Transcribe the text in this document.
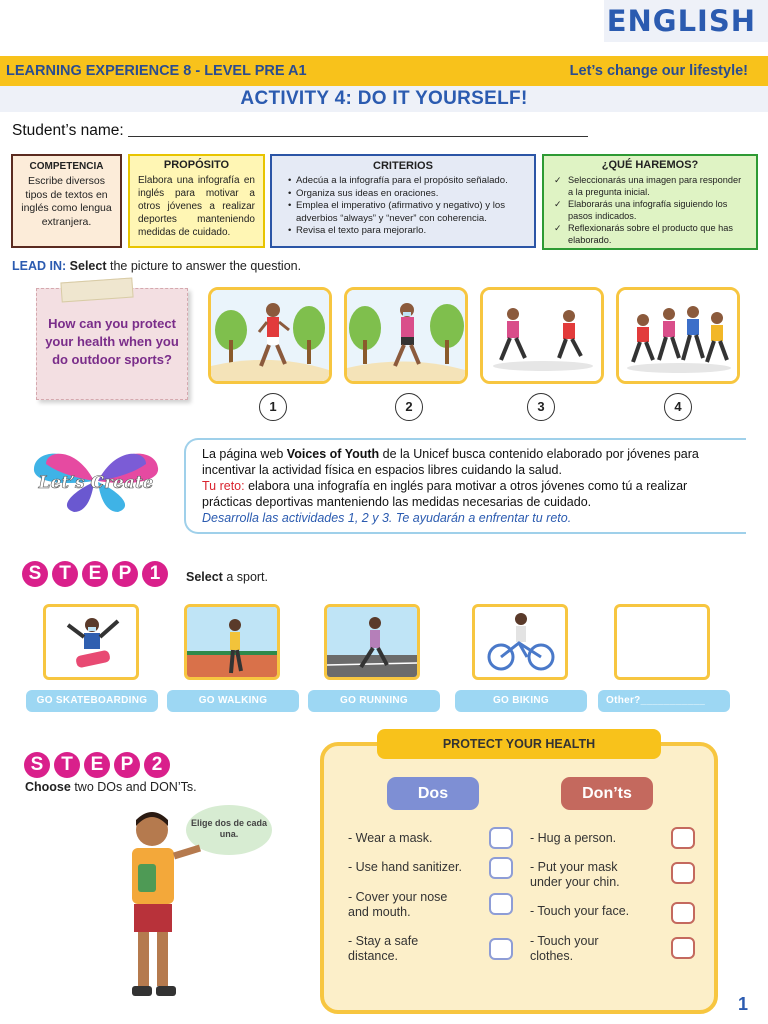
ENGLISH
LEARNING EXPERIENCE 8 - LEVEL PRE A1	Let’s change our lifestyle!
ACTIVITY 4: DO IT YOURSELF!
Student’s name:
COMPETENCIA
Escribe diversos tipos de textos en inglés como lengua extranjera.
PROPÓSITO

Elabora una infografía en inglés para motivar a otros jóvenes a realizar deportes manteniendo medidas de cuidado.

CRITERIOS
• Adecúa a la infografía para el propósito señalado.
• Organiza sus ideas en oraciones.
• Emplea el imperativo (afirmativo y negativo) y los adverbios “always” y “never” con coherencia.
• Revisa el texto para mejorarlo.
¿QUÉ HAREMOS?
✓ Seleccionarás una imagen para responder a la pregunta inicial.
✓ Elaborarás una infografía siguiendo los pasos indicados.
✓ Reflexionarás sobre el producto que has elaborado.
LEAD IN: Select the picture to answer the question.

How can you protect your health when you do outdoor sports?

1	2	3	4
Let’s Create

La página web Voices of Youth de la Unicef busca contenido elaborado por jóvenes para incentivar la actividad física en espacios libres cuidando la salud.
Tu reto: elabora una infografía en inglés para motivar a otros jóvenes como tú a realizar prácticas deportivas manteniendo las medidas necesarias de cuidado.
Desarrolla las actividades 1, 2 y 3. Te ayudarán a enfrentar tu reto.

S T E P 1	Select a sport.
GO SKATEBOARDING	GO WALKING	GO RUNNING	GO BIKING	Other?___________
S T E P 2
Choose two DOs and DON’Ts.
Elige dos de cada una.
PROTECT YOUR HEALTH
Dos	Don’ts
- Wear a mask.
- Use hand sanitizer.
- Cover your nose and mouth.
- Stay a safe distance.
- Hug a person.
- Put your mask under your chin.
- Touch your face.
- Touch your clothes.
1
